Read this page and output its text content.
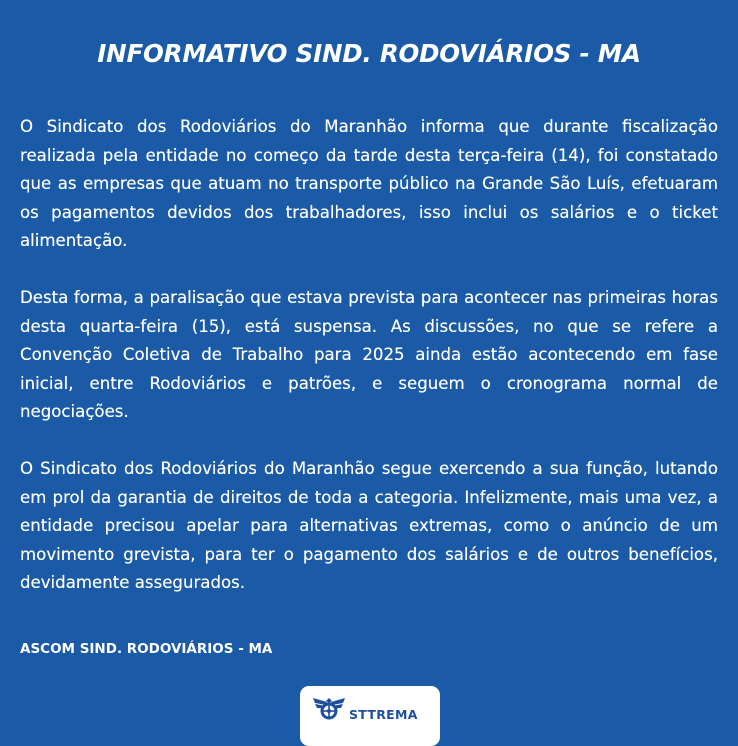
INFORMATIVO SIND. RODOVIÁRIOS - MA

O Sindicato dos Rodoviários do Maranhão informa que durante fiscalização realizada pela entidade no começo da tarde desta terça-feira (14), foi constatado que as empresas que atuam no transporte público na Grande São Luís, efetuaram os pagamentos devidos dos trabalhadores, isso inclui os salários e o ticket alimentação.

Desta forma, a paralisação que estava prevista para acontecer nas primeiras horas desta quarta-feira (15), está suspensa. As discussões, no que se refere a Convenção Coletiva de Trabalho para 2025 ainda estão acontecendo em fase inicial, entre Rodoviários e patrões, e seguem o cronograma normal de negociações.

O Sindicato dos Rodoviários do Maranhão segue exercendo a sua função, lutando em prol da garantia de direitos de toda a categoria. Infelizmente, mais uma vez, a entidade precisou apelar para alternativas extremas, como o anúncio de um movimento grevista, para ter o pagamento dos salários e de outros benefícios, devidamente assegurados.

ASCOM SIND. RODOVIÁRIOS - MA
STTREMA
